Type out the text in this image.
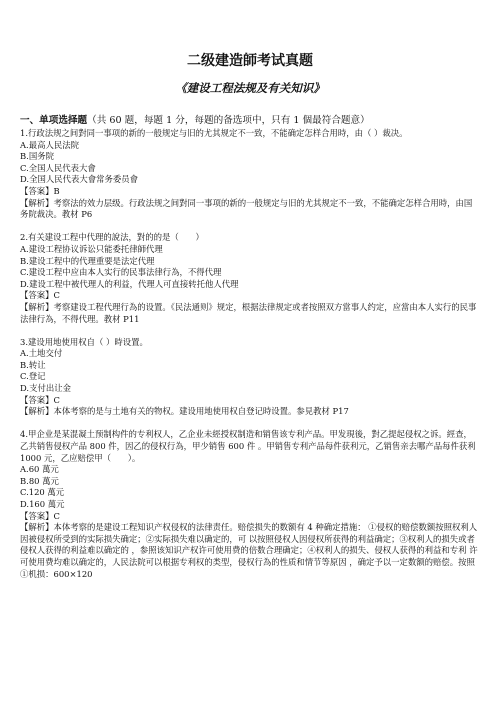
二级建造師考试真题
《建设工程法规及有关知识》
一、单项选择题（共 60 题，每题 1 分，每题的备选项中，只有 1 個最符合题意）

1.行政法规之间對同一事项的新的一般规定与旧的尤其规定不一致，不能确定怎样合用時，由（ ）裁决。

A.最高人民法院

B.国务院

C.全国人民代表大會

D.全国人民代表大會常务委员會

【答案】B

【解析】考察法的效力层级。行政法规之间對同一事项的新的一般规定与旧的尤其规定不一致，不能确定怎样合用時，由国务院裁决。教材 P6

2.有关建设工程中代理的說法，對的的是（　　）

A.建设工程协议诉讼只能委托律師代理

B.建设工程中的代理重要是法定代理

C.建设工程中应由本人实行的民事法律行為，不得代理

D.建设工程中被代理人的利益，代理人可直接转托他人代理

【答案】C

【解析】考察建设工程代理行為的设置。《民法通则》规定，根据法律规定或者按照双方當事人约定，应當由本人实行的民事法律行為，不得代理。教材 P11

3.建设用地使用权自（ ）時设置。

A.土地交付

B.转让

C.登记

D.支付出让金

【答案】C

【解析】本体考察的是与土地有关的物权。建设用地使用权自登记時设置。参見教材 P17

4.甲企业是某混凝土预制构件的专利权人，乙企业未經授权制造和销售该专利产品。甲发現後，對乙提起侵权之诉。經查，乙共销售侵权产品 800 件，因乙的侵权行為，甲少销售 600 件 。甲销售专利产品每件获利元，乙销售亲去哪产品每件获利 1000 元，乙应赔偿甲（　　）。

A.60 萬元

B.80 萬元

C.120 萬元

D.160 萬元

【答案】C

【解析】本体考察的是建设工程知识产权侵权的法律责任。赔偿损失的数额有 4 种确定措施： ①侵权的赔偿数额按照权利人因被侵权所受到的实际损失确定；②实际损失难以确定的，可 以按照侵权人因侵权所获得的利益确定；③权利人的损失或者侵权人获得的利益难以确定的 ，参照该知识产权许可使用费的倍数合理确定；④权利人的损失、侵权人获得的利益和专利 许可使用费均难以确定的，人民法院可以根据专利权的类型，侵权行為的性质和情节等原因 ，确定予以一定数额的赔偿。按照①机损：600×120
